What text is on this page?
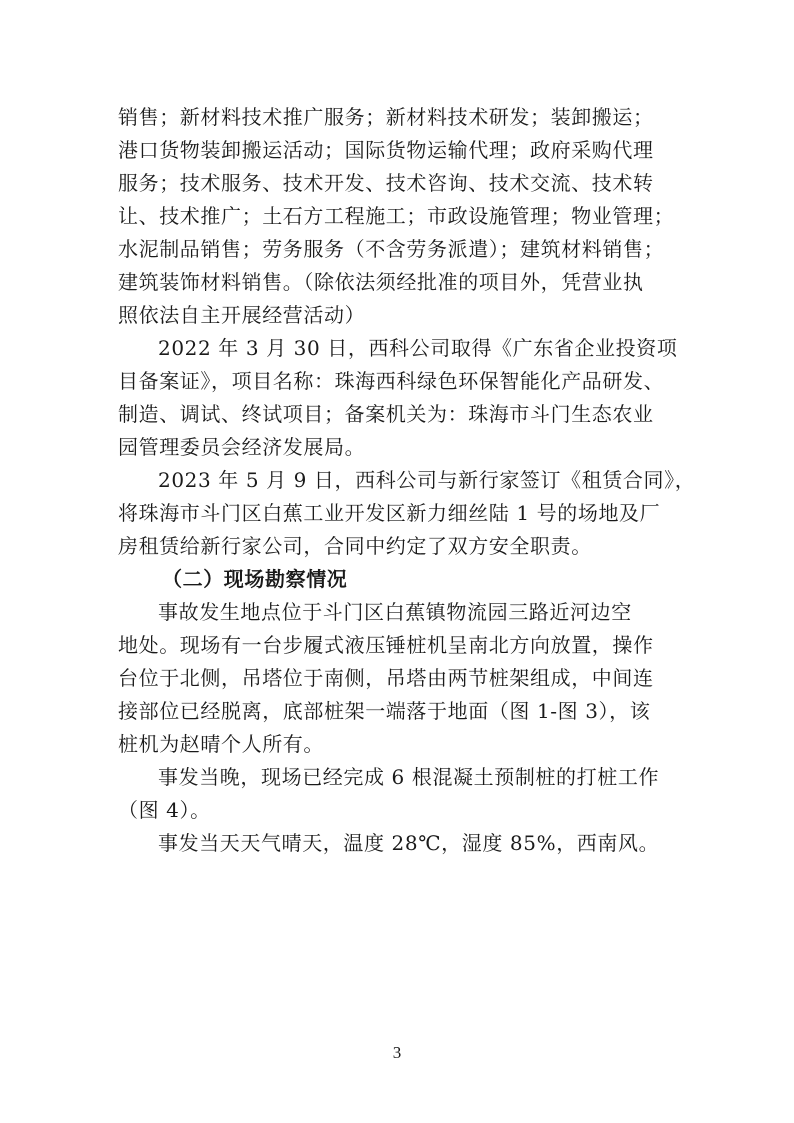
销售；新材料技术推广服务；新材料技术研发；装卸搬运；
港口货物装卸搬运活动；国际货物运输代理；政府采购代理
服务；技术服务、技术开发、技术咨询、技术交流、技术转
让、技术推广；土石方工程施工；市政设施管理；物业管理；
水泥制品销售；劳务服务（不含劳务派遣）；建筑材料销售；
建筑装饰材料销售。（除依法须经批准的项目外，凭营业执
照依法自主开展经营活动）
2022 年 3 月 30 日，西科公司取得《广东省企业投资项
目备案证》，项目名称：珠海西科绿色环保智能化产品研发、
制造、调试、终试项目；备案机关为：珠海市斗门生态农业
园管理委员会经济发展局。
2023 年 5 月 9 日，西科公司与新行家签订《租赁合同》，
将珠海市斗门区白蕉工业开发区新力细丝陆 1 号的场地及厂
房租赁给新行家公司，合同中约定了双方安全职责。
（二）现场勘察情况
事故发生地点位于斗门区白蕉镇物流园三路近河边空
地处。现场有一台步履式液压锤桩机呈南北方向放置，操作
台位于北侧，吊塔位于南侧，吊塔由两节桩架组成，中间连
接部位已经脱离，底部桩架一端落于地面（图 1-图 3），该
桩机为赵晴个人所有。
事发当晚，现场已经完成 6 根混凝土预制桩的打桩工作
（图 4）。
事发当天天气晴天，温度 28℃，湿度 85%，西南风。
3
